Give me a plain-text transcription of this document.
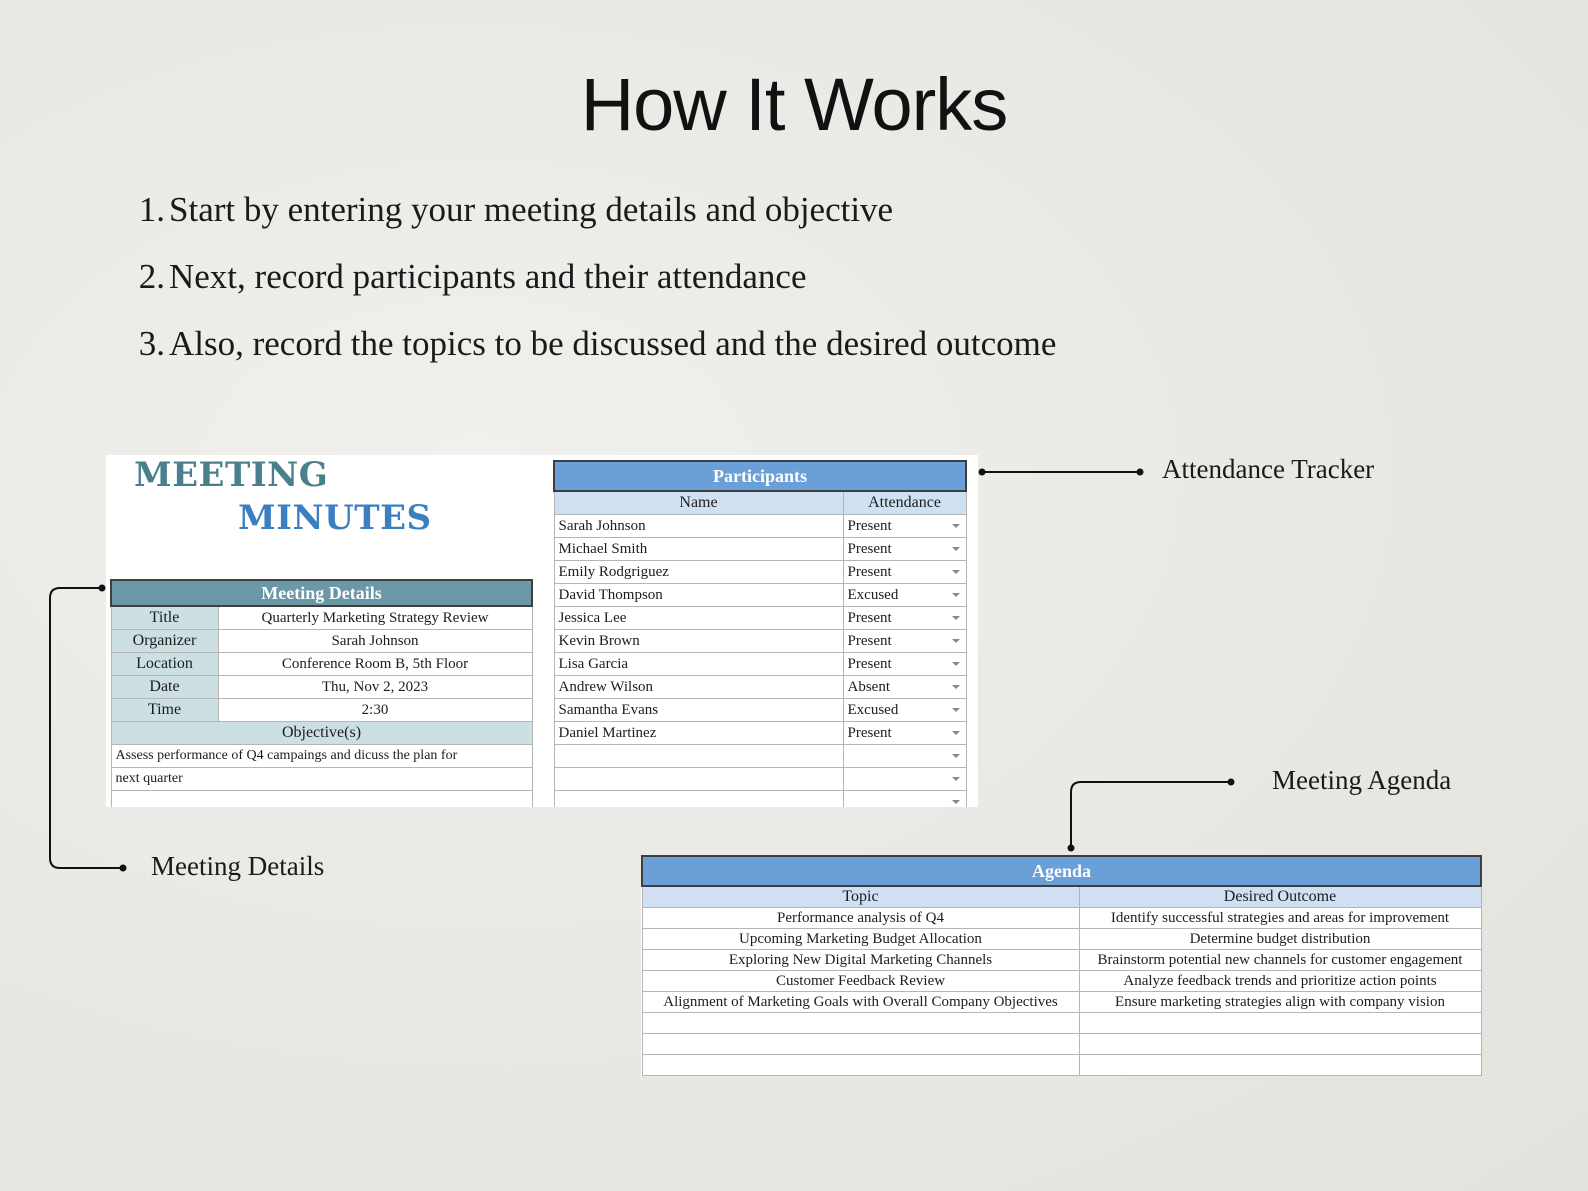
How It Works
1. Start by entering your meeting details and objective
2. Next, record participants and their attendance
3. Also, record the topics to be discussed and the desired outcome
Attendance Tracker
Meeting Agenda
Meeting Details
MEETING
MINUTES
Meeting Details	
Title	Quarterly Marketing Strategy Review
Organizer	Sarah Johnson
Location	Conference Room B, 5th Floor
Date	Thu, Nov 2, 2023
Time	2:30
Objective(s)	
Assess performance of Q4 campaings and dicuss the plan for	
next quarter	

Participants	
Name	Attendance
Sarah Johnson	Present

Michael Smith	Present

Emily Rodgriguez	Present

David Thompson	Excused

Jessica Lee	Present

Kevin Brown	Present

Lisa Garcia	Present

Andrew Wilson	Absent

Samantha Evans	Excused

Daniel Martinez	Present

Agenda	
Topic	Desired Outcome
Performance analysis of Q4	Identify successful strategies and areas for improvement
Upcoming Marketing Budget Allocation	Determine budget distribution
Exploring New Digital Marketing Channels	Brainstorm potential new channels for customer engagement
Customer Feedback Review	Analyze feedback trends and prioritize action points
Alignment of Marketing Goals with Overall Company Objectives	Ensure marketing strategies align with company vision
